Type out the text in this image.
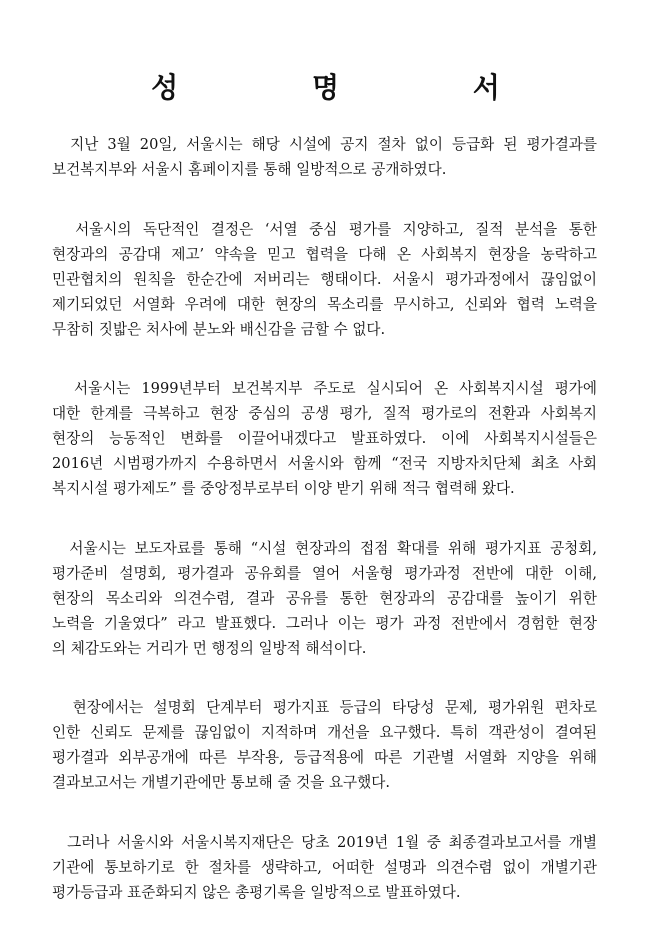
성 명 서
지난 3월 20일, 서울시는 해당 시설에 공지 절차 없이 등급화 된 평가결과를
보건복지부와 서울시 홈페이지를 통해 일방적으로 공개하였다.
서울시의 독단적인 결정은 ‘서열 중심 평가를 지양하고, 질적 분석을 통한
현장과의 공감대 제고’ 약속을 믿고 협력을 다해 온 사회복지 현장을 농락하고
민관협치의 원칙을 한순간에 저버리는 행태이다. 서울시 평가과정에서 끊임없이
제기되었던 서열화 우려에 대한 현장의 목소리를 무시하고, 신뢰와 협력 노력을
무참히 짓밟은 처사에 분노와 배신감을 금할 수 없다.
서울시는 1999년부터 보건복지부 주도로 실시되어 온 사회복지시설 평가에
대한 한계를 극복하고 현장 중심의 공생 평가, 질적 평가로의 전환과 사회복지
현장의 능동적인 변화를 이끌어내겠다고 발표하였다. 이에 사회복지시설들은
2016년 시범평가까지 수용하면서 서울시와 함께 “전국 지방자치단체 최초 사회
복지시설 평가제도” 를 중앙정부로부터 이양 받기 위해 적극 협력해 왔다.
서울시는 보도자료를 통해 “시설 현장과의 접점 확대를 위해 평가지표 공청회,
평가준비 설명회, 평가결과 공유회를 열어 서울형 평가과정 전반에 대한 이해,
현장의 목소리와 의견수렴, 결과 공유를 통한 현장과의 공감대를 높이기 위한
노력을 기울였다” 라고 발표했다. 그러나 이는 평가 과정 전반에서 경험한 현장
의 체감도와는 거리가 먼 행정의 일방적 해석이다.
현장에서는 설명회 단계부터 평가지표 등급의 타당성 문제, 평가위원 편차로
인한 신뢰도 문제를 끊임없이 지적하며 개선을 요구했다. 특히 객관성이 결여된
평가결과 외부공개에 따른 부작용, 등급적용에 따른 기관별 서열화 지양을 위해
결과보고서는 개별기관에만 통보해 줄 것을 요구했다.
그러나 서울시와 서울시복지재단은 당초 2019년 1월 중 최종결과보고서를 개별
기관에 통보하기로 한 절차를 생략하고, 어떠한 설명과 의견수렴 없이 개별기관
평가등급과 표준화되지 않은 총평기록을 일방적으로 발표하였다.
